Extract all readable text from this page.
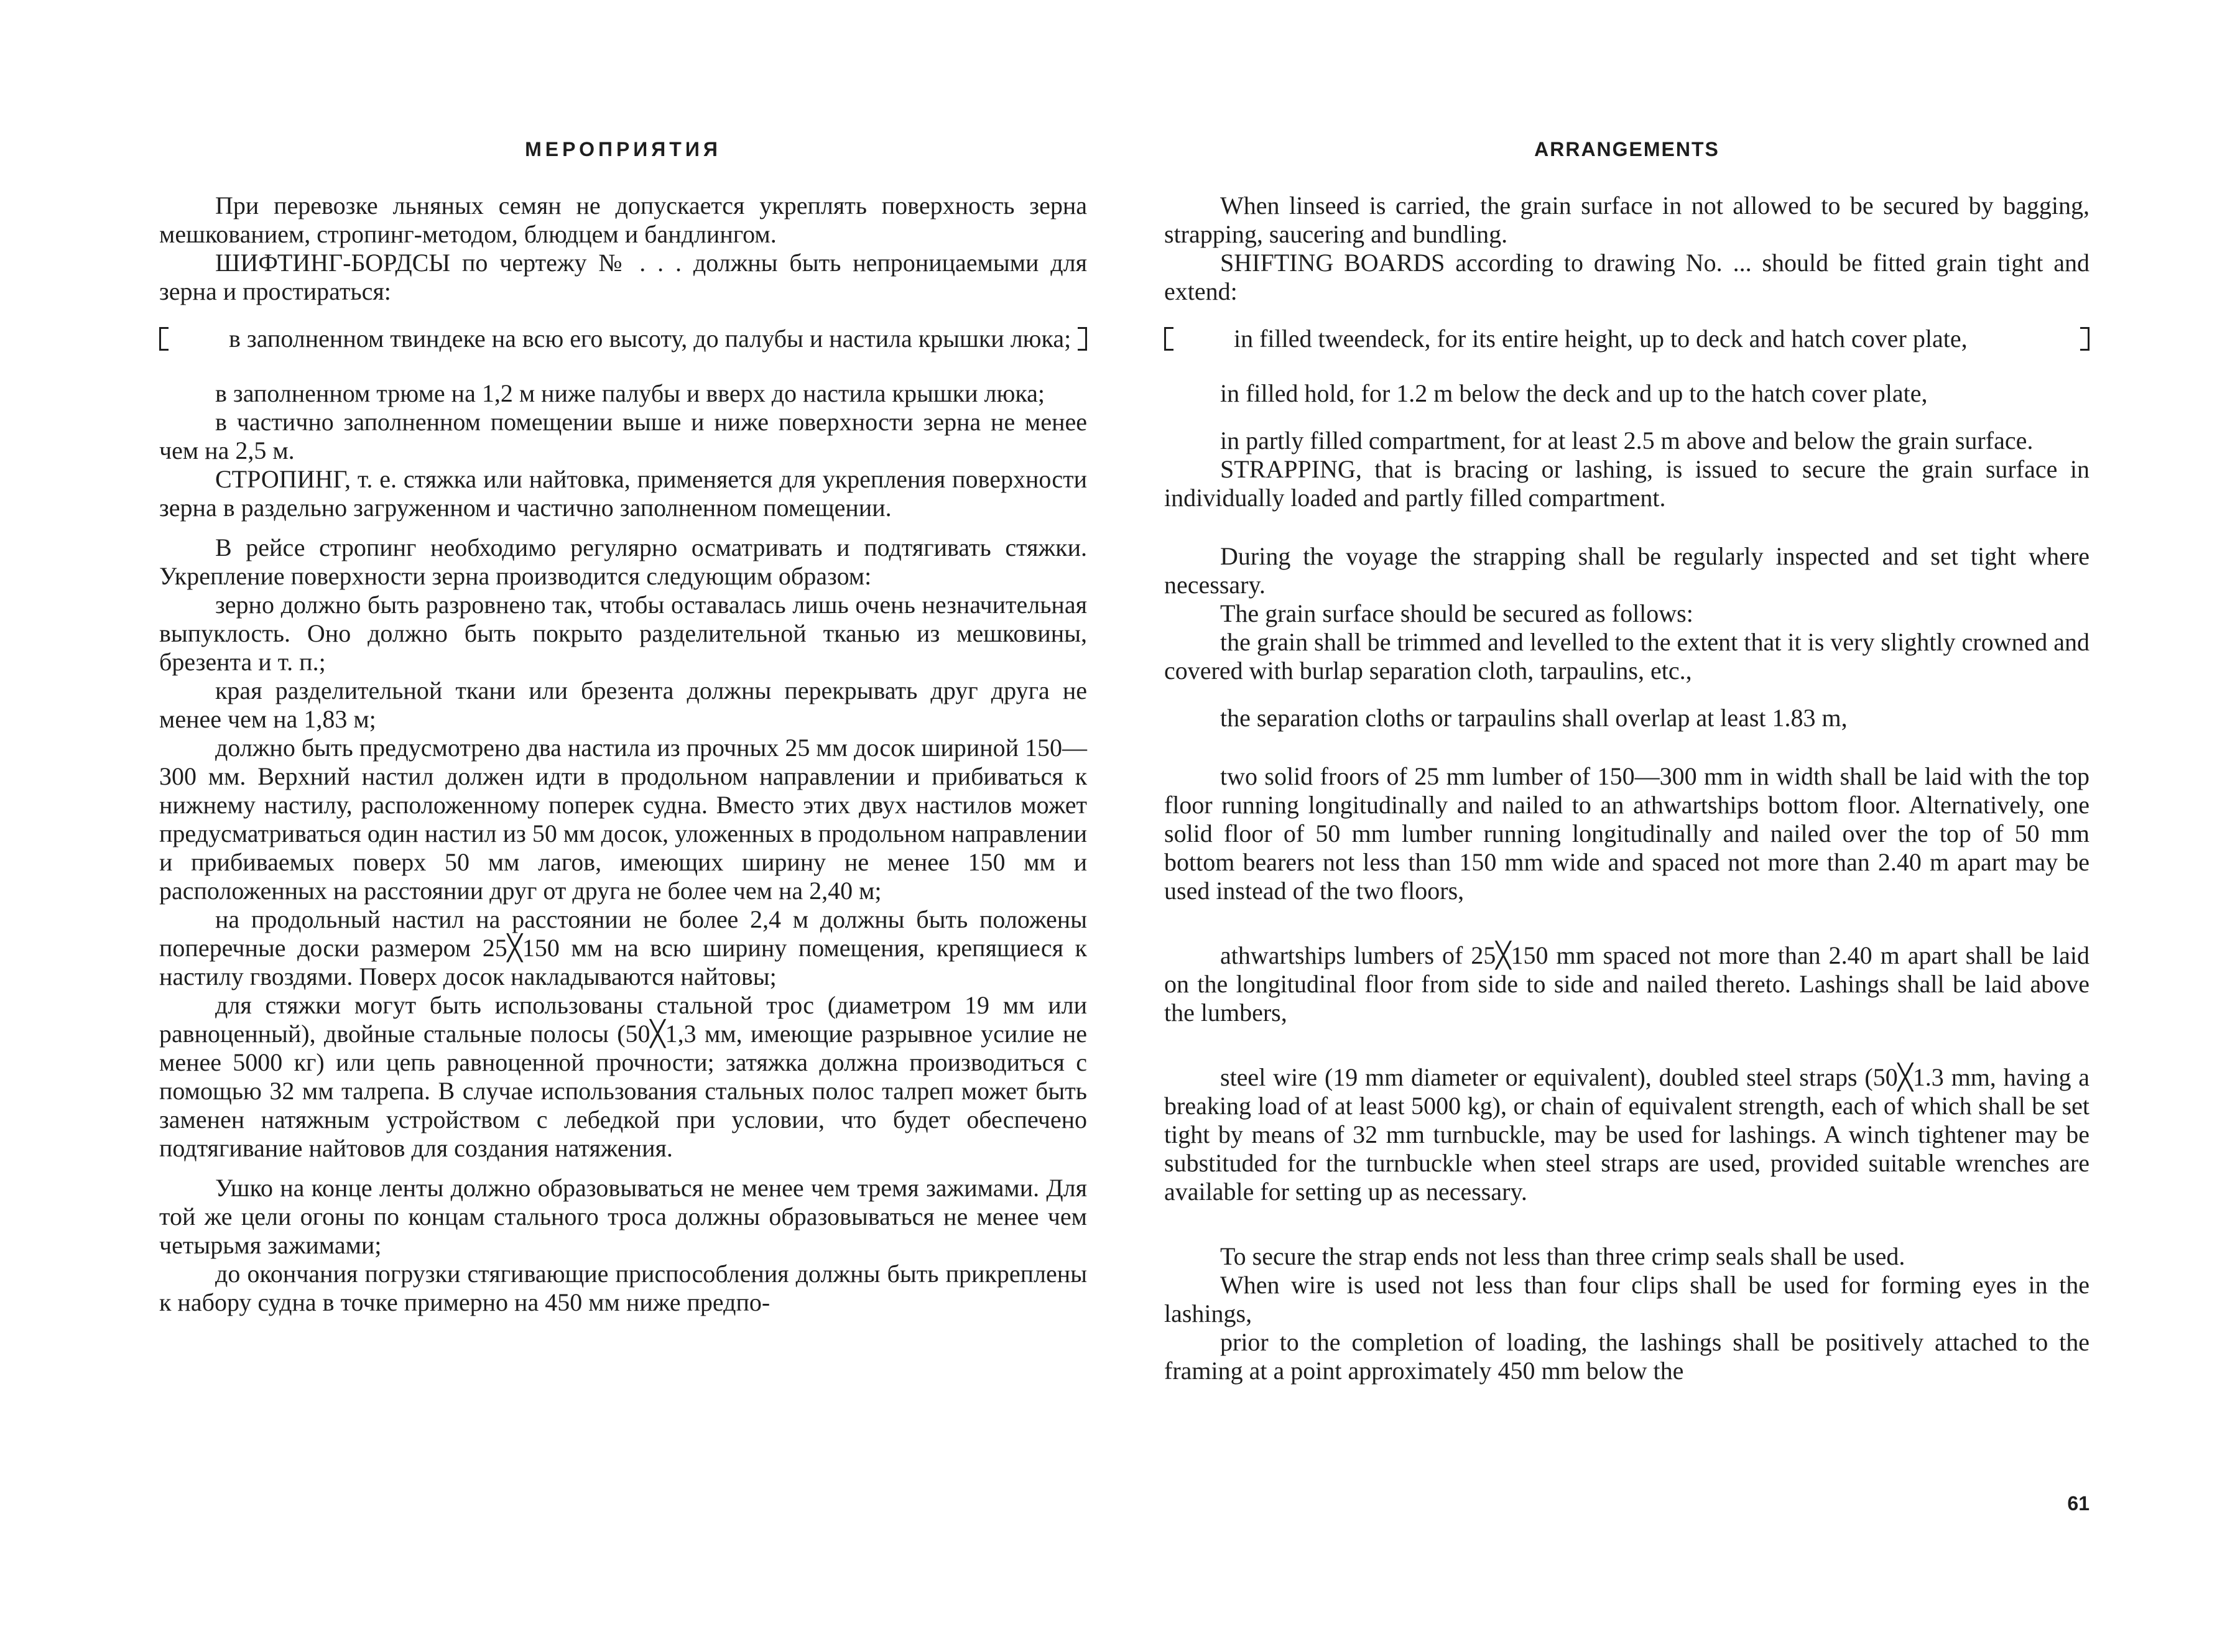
МЕРОПРИЯТИЯ

При перевозке льняных семян не допускается укреплять поверхность зерна мешкованием, стропинг-методом, блюдцем и бандлингом.

ШИФТИНГ-БОРДСЫ по чертежу № . . . должны быть непроницаемыми для зерна и простираться:

в заполненном твиндеке на всю его высоту, до палубы и настила крышки люка;

в заполненном трюме на 1,2 м ниже палубы и вверх до настила крышки люка;

в частично заполненном помещении выше и ниже поверхности зерна не менее чем на 2,5 м.

СТРОПИНГ, т. е. стяжка или найтовка, применяется для укрепления поверхности зерна в раздельно загруженном и частично заполненном помещении.

В рейсе стропинг необходимо регулярно осматривать и подтягивать стяжки. Укрепление поверхности зерна производится следующим образом:

зерно должно быть разровнено так, чтобы оставалась лишь очень незначительная выпуклость. Оно должно быть покрыто разделительной тканью из мешковины, брезента и т. п.;

края разделительной ткани или брезента должны перекрывать друг друга не менее чем на 1,83 м;

должно быть предусмотрено два настила из прочных 25 мм досок шириной 150—300 мм. Верхний настил должен идти в продольном направлении и прибиваться к нижнему настилу, расположенному поперек судна. Вместо этих двух настилов может предусматриваться один настил из 50 мм досок, уложенных в продольном направлении и прибиваемых поверх 50 мм лагов, имеющих ширину не менее 150 мм и расположенных на расстоянии друг от друга не более чем на 2,40 м;

на продольный настил на расстоянии не более 2,4 м должны быть положены поперечные доски размером 25╳150 мм на всю ширину помещения, крепящиеся к настилу гвоздями. Поверх досок накладываются найтовы;

для стяжки могут быть использованы стальной трос (диаметром 19 мм или равноценный), двойные стальные полосы (50╳1,3 мм, имеющие разрывное усилие не менее 5000 кг) или цепь равноценной прочности; затяжка должна производиться с помощью 32 мм талрепа. В случае использования стальных полос талреп может быть заменен натяжным устройством с лебедкой при условии, что будет обеспечено подтягивание найтовов для создания натяжения.

Ушко на конце ленты должно образовываться не менее чем тремя зажимами. Для той же цели огоны по концам стального троса должны образовываться не менее чем четырьмя зажимами;

до окончания погрузки стягивающие приспособления должны быть прикреплены к набору судна в точке примерно на 450 мм ниже предпо-

ARRANGEMENTS

When linseed is carried, the grain surface in not allowed to be secured by bagging, strapping, saucering and bundling.

SHIFTING BOARDS according to drawing No. ... should be fitted grain tight and extend:

in filled tweendeck, for its entire height, up to deck and hatch cover plate,

in filled hold, for 1.2 m below the deck and up to the hatch cover plate,

in partly filled compartment, for at least 2.5 m above and below the grain surface.

STRAPPING, that is bracing or lashing, is issued to secure the grain surface in individually loaded and partly filled compartment.

During the voyage the strapping shall be regularly inspected and set tight where necessary.

The grain surface should be secured as follows:

the grain shall be trimmed and levelled to the extent that it is very slightly crowned and covered with burlap separation cloth, tarpaulins, etc.,

the separation cloths or tarpaulins shall overlap at least 1.83 m,

two solid froors of 25 mm lumber of 150—300 mm in width shall be laid with the top floor running longitudinally and nailed to an athwartships bottom floor. Alternatively, one solid floor of 50 mm lumber running longitudinally and nailed over the top of 50 mm bottom bearers not less than 150 mm wide and spaced not more than 2.40 m apart may be used instead of the two floors,

athwartships lumbers of 25╳150 mm spaced not more than 2.40 m apart shall be laid on the longitudinal floor from side to side and nailed thereto. Lashings shall be laid above the lumbers,

steel wire (19 mm diameter or equivalent), doubled steel straps (50╳1.3 mm, having a breaking load of at least 5000 kg), or chain of equivalent strength, each of which shall be set tight by means of 32 mm turnbuckle, may be used for lashings. A winch tightener may be substituded for the turnbuckle when steel straps are used, provided suitable wrenches are available for setting up as necessary.

To secure the strap ends not less than three crimp seals shall be used.

When wire is used not less than four clips shall be used for forming eyes in the lashings,

prior to the completion of loading, the lashings shall be positively attached to the framing at a point approximately 450 mm below the

61
